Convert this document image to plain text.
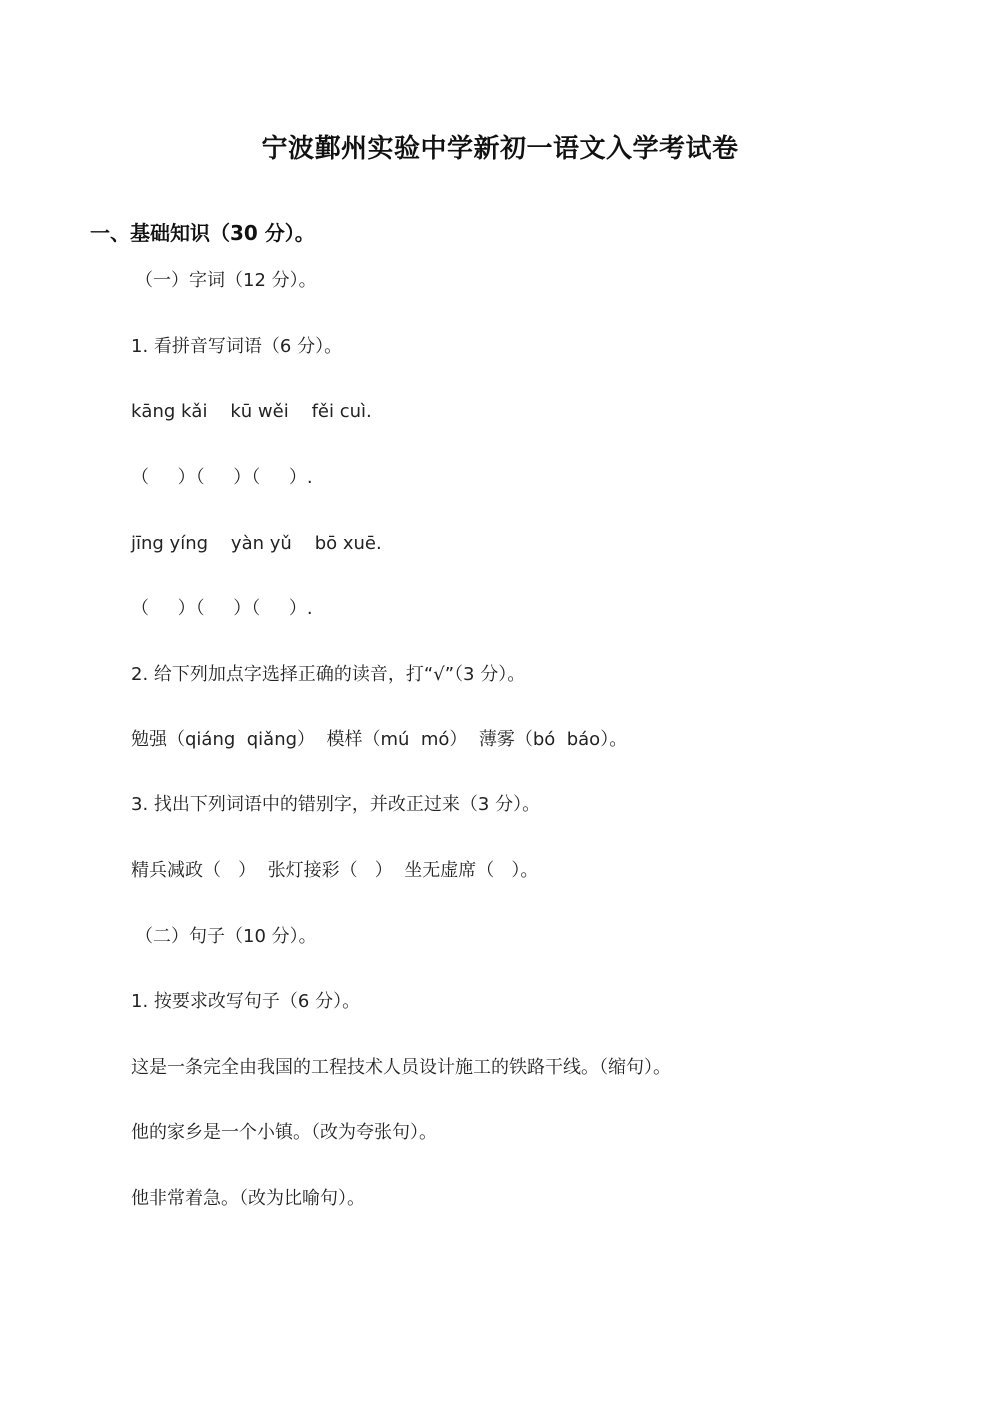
宁波鄞州实验中学新初一语文入学考试卷
一、基础知识（30 分）。
（一）字词（12 分）。
1. 看拼音写词语（6 分）。
kāng kǎi    kū wěi    fěi cuì.
（     ）（     ）（     ）.
jīng yíng    yàn yǔ    bō xuē.
（     ）（     ）（     ）.
2. 给下列加点字选择正确的读音，打“√”（3 分）。
勉强（qiáng  qiǎng）  模样（mú  mó）  薄雾（bó  báo）。
3. 找出下列词语中的错别字，并改正过来（3 分）。
精兵减政（   ）  张灯接彩（   ）  坐无虚席（   ）。
（二）句子（10 分）。
1. 按要求改写句子（6 分）。
这是一条完全由我国的工程技术人员设计施工的铁路干线。（缩句）。
他的家乡是一个小镇。（改为夸张句）。
他非常着急。（改为比喻句）。
